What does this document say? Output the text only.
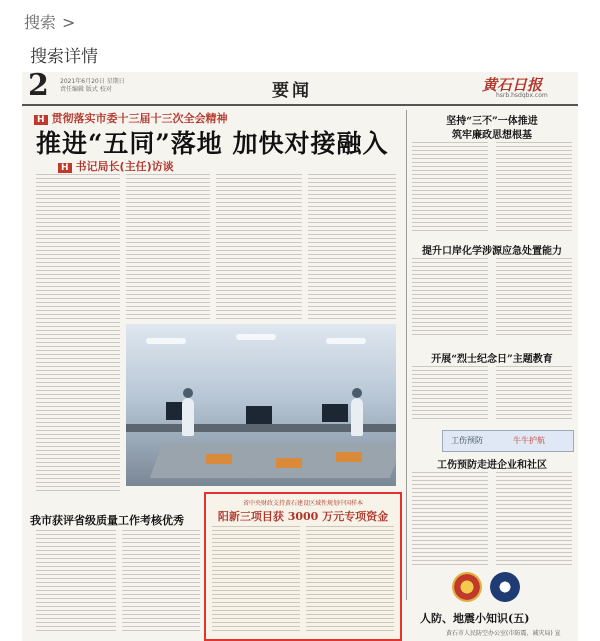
搜索 >
搜索详情
2 2021年6月20日 星期日
责任编辑 版式 校对	要闻	黄石日报
hsrb.hsdqbx.com
H 贯彻落实市委十三届十三次全会精神
推进“五同”落地 加快对接融入
H 书记局长(主任)访谈
坚持“三不”一体推进
筑牢廉政思想根基
提升口岸化学涉源应急处置能力
开展“烈士纪念日”主题教育
工伤预防	牛牛护航
工伤预防走进企业和社区
我市获评省级质量工作考核优秀
省中央财政支持黄石建设区域性规划中国样本
阳新三项目获 3000 万元专项资金
人防、地震小知识(五)
黄石市人民防空办公室(市防震、减灾局) 宣
